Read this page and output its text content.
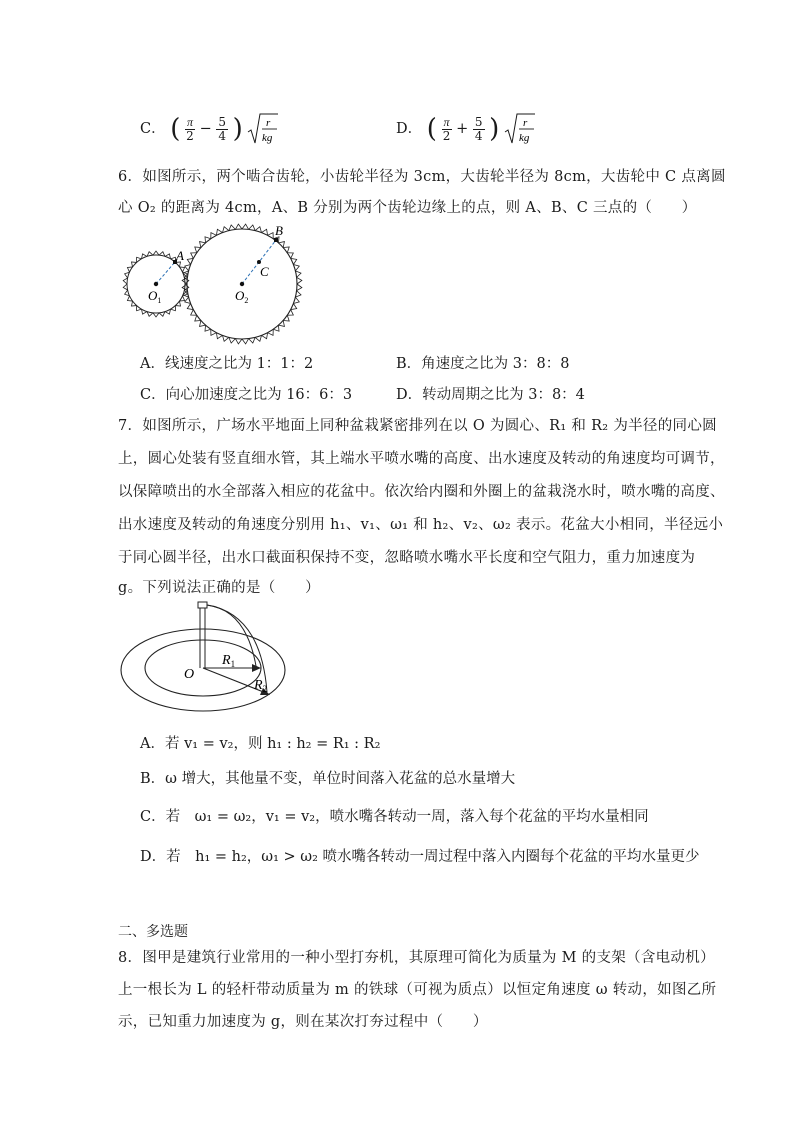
C． ( $\frac{\pi}{2} - \frac{5}{4}$ ) r
kg
D． ( $\frac{\pi}{2} + \frac{5}{4}$ ) r
kg
6．如图所示，两个啮合齿轮，小齿轮半径为 3cm，大齿轮半径为 8cm，大齿轮中 C 点离圆
心 O₂ 的距离为 4cm，A、B 分别为两个齿轮边缘上的点，则 A、B、C 三点的（　　）
A
B
C
$O_1$	$O_2$
A．线速度之比为 1：1：2	B．角速度之比为 3：8：8
C．向心加速度之比为 16：6：3	D．转动周期之比为 3：8：4
7．如图所示，广场水平地面上同种盆栽紧密排列在以 O 为圆心、R₁ 和 R₂ 为半径的同心圆
上，圆心处装有竖直细水管，其上端水平喷水嘴的高度、出水速度及转动的角速度均可调节，
以保障喷出的水全部落入相应的花盆中。依次给内圈和外圈上的盆栽浇水时，喷水嘴的高度、
出水速度及转动的角速度分别用 h₁、v₁、ω₁ 和 h₂、v₂、ω₂ 表示。花盆大小相同，半径远小
于同心圆半径，出水口截面积保持不变，忽略喷水嘴水平长度和空气阻力，重力加速度为
g。下列说法正确的是（　　）
O
$R_1$
$R_2$
A．若 v₁ = v₂，则 h₁ : h₂ = R₁ : R₂
B．ω 增大，其他量不变，单位时间落入花盆的总水量增大
C．若　ω₁ = ω₂，v₁ = v₂，喷水嘴各转动一周，落入每个花盆的平均水量相同
D．若　h₁ = h₂，ω₁ > ω₂ 喷水嘴各转动一周过程中落入内圈每个花盆的平均水量更少
二、多选题
8．图甲是建筑行业常用的一种小型打夯机，其原理可简化为质量为 M 的支架（含电动机）
上一根长为 L 的轻杆带动质量为 m 的铁球（可视为质点）以恒定角速度 ω 转动，如图乙所
示，已知重力加速度为 g，则在某次打夯过程中（　　）
